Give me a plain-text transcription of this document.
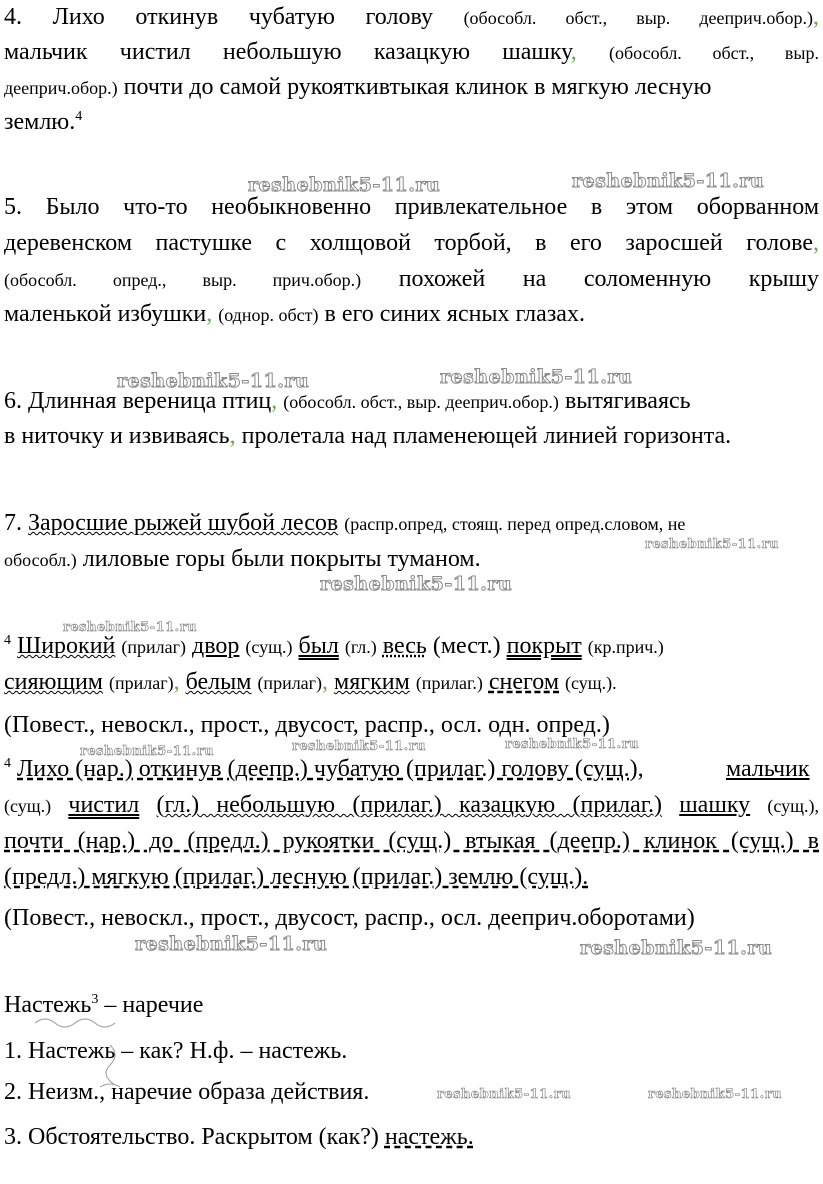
4. Лихо откинув чубатую голову (обособл. обст., выр. дееприч.обор.),
мальчик чистил небольшую казацкую шашку, (обособл. обст., выр.
дееприч.обор.) почти до самой рукояткивтыкая клинок в мягкую лесную
землю.$^4$
5. Было что-то необыкновенно привлекательное в этом оборванном
деревенском пастушке с холщовой торбой, в его заросшей голове,
(обособл. опред., выр. прич.обор.) похожей на соломенную крышу
маленькой избушки, (однор. обст) в его синих ясных глазах.
6. Длинная вереница птиц, (обособл. обст., выр. дееприч.обор.) вытягиваясь
в ниточку и извиваясь, пролетала над пламенеющей линией горизонта.
7. Заросшие рыжей шубой лесов (распр.опред, стоящ. перед опред.словом, не
обособл.) лиловые горы были покрыты туманом.
$^4$ Широкий (прилаг) двор (сущ.) был (гл.) весь (мест.) покрыт (кр.прич.)
сияющим (прилаг), белым (прилаг), мягким (прилаг.) снегом (сущ.).
(Повест., невоскл., прост., двусост, распр., осл. одн. опред.)
$^4$ Лихо (нар.) откинув (деепр.) чубатую (прилаг.) голову (сущ.),	мальчик
(сущ.) чистил (гл.) небольшую (прилаг.) казацкую (прилаг.) шашку (сущ.),
почти (нар.) до (предл.) рукоятки (сущ.) втыкая (деепр.) клинок (сущ.) в
(предл.) мягкую (прилаг.) лесную (прилаг.) землю (сущ.).
(Повест., невоскл., прост., двусост, распр., осл. дееприч.оборотами)
Настежь$^3$ – наречие
1. Настежь – как? Н.ф. – настежь.
2. Неизм., наречие образа действия.
3. Обстоятельство. Раскрытом (как?) настежь.
reshebnik5-11.ru	reshebnik5-11.ru
reshebnik5-11.ru	reshebnik5-11.ru
reshebnik5-11.ru
reshebnik5-11.ru
reshebnik5-11.ru
reshebnik5-11.ru	reshebnik5-11.ru	reshebnik5-11.ru
reshebnik5-11.ru	reshebnik5-11.ru
reshebnik5-11.ru	reshebnik5-11.ru
